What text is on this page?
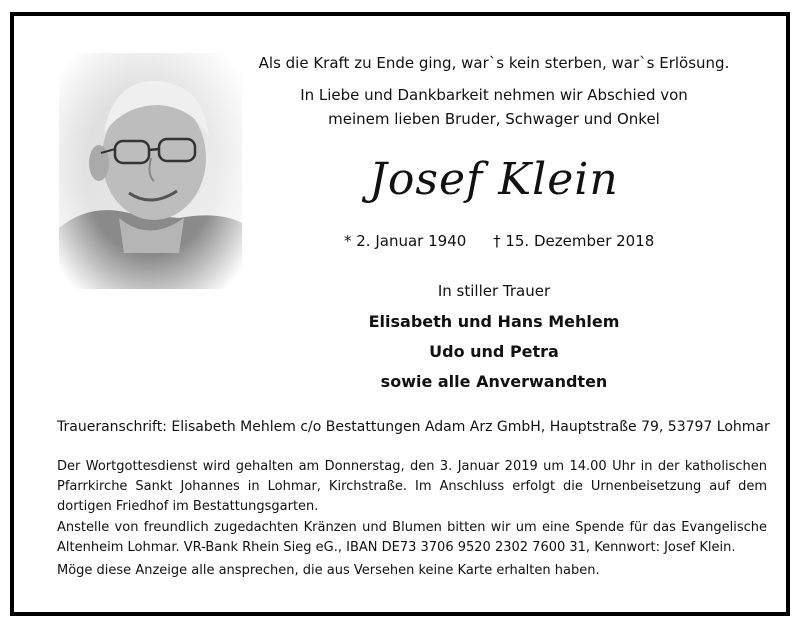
Als die Kraft zu Ende ging, war`s kein sterben, war`s Erlösung.
In Liebe und Dankbarkeit nehmen wir Abschied von
meinem lieben Bruder, Schwager und Onkel
Josef Klein
* 2. Januar 1940 † 15. Dezember 2018
In stiller Trauer
Elisabeth und Hans Mehlem
Udo und Petra
sowie alle Anverwandten
Traueranschrift: Elisabeth Mehlem c/o Bestattungen Adam Arz GmbH, Hauptstraße 79, 53797 Lohmar
Der Wortgottesdienst wird gehalten am Donnerstag, den 3. Januar 2019 um 14.00 Uhr in der katholischen
Pfarrkirche Sankt Johannes in Lohmar, Kirchstraße. Im Anschluss erfolgt die Urnenbeisetzung auf dem
dortigen Friedhof im Bestattungsgarten.
Anstelle von freundlich zugedachten Kränzen und Blumen bitten wir um eine Spende für das Evangelische
Altenheim Lohmar. VR-Bank Rhein Sieg eG., IBAN DE73 3706 9520 2302 7600 31, Kennwort: Josef Klein.
Möge diese Anzeige alle ansprechen, die aus Versehen keine Karte erhalten haben.
